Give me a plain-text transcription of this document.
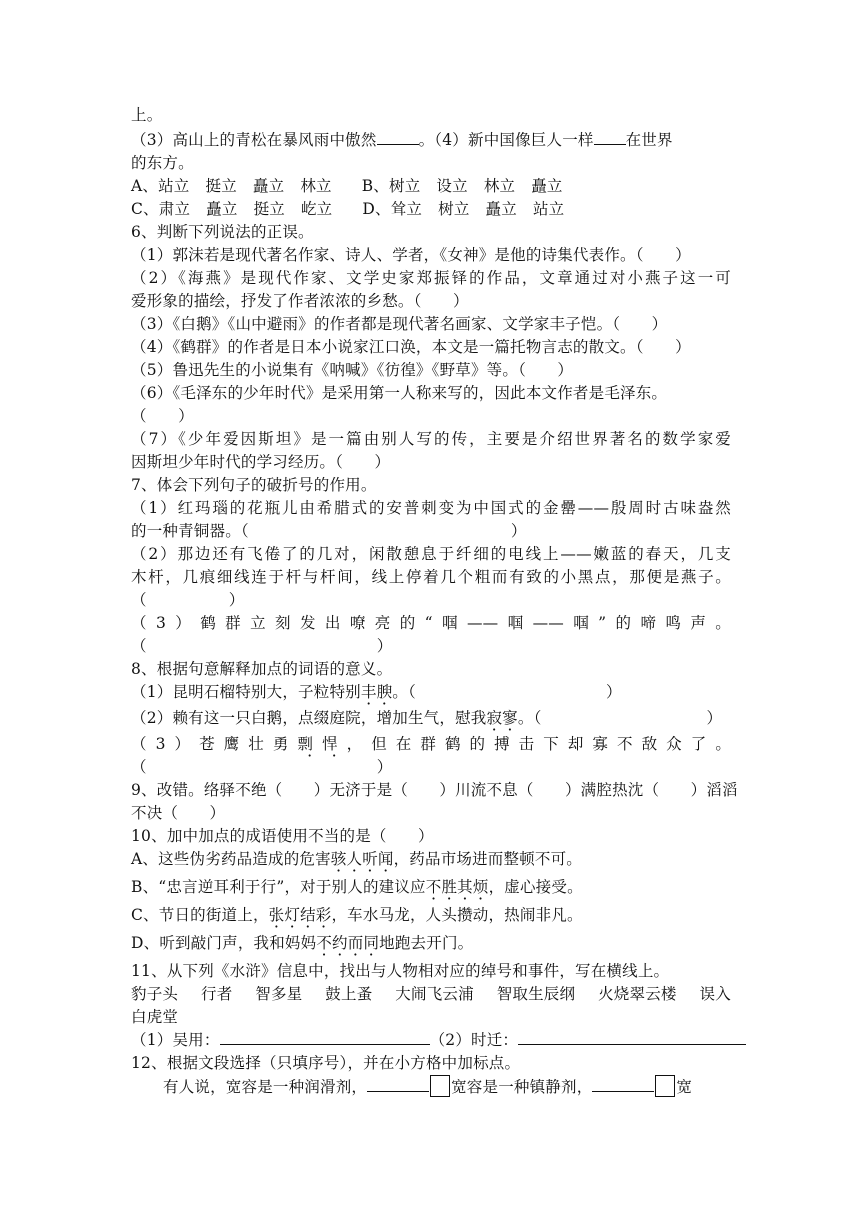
上。
（3）高山上的青松在暴风雨中傲然	。（4）新中国像巨人一样 在世界
的东方。
A、站立 挺立 矗立 林立 B、树立 设立 林立 矗立
C、肃立 矗立 挺立 屹立 D、耸立 树立 矗立 站立
6、判断下列说法的正误。
（1）郭沫若是现代著名作家、诗人、学者，《女神》是他的诗集代表作。（　　）
（2）《海燕》是现代作家、文学史家郑振铎的作品，文章通过对小燕子这一可
爱形象的描绘，抒发了作者浓浓的乡愁。（　　）
（3）《白鹅》《山中避雨》的作者都是现代著名画家、文学家丰子恺。（　　）
（4）《鹤群》的作者是日本小说家江口涣，本文是一篇托物言志的散文。（　　）
（5）鲁迅先生的小说集有《呐喊》《彷徨》《野草》等。（　　）
（6）《毛泽东的少年时代》是采用第一人称来写的，因此本文作者是毛泽东。
（　　）
（7）《少年爱因斯坦》是一篇由别人写的传，主要是介绍世界著名的数学家爱
因斯坦少年时代的学习经历。（　　）
7、体会下列句子的破折号的作用。
（1）红玛瑙的花瓶儿由希腊式的安普刺变为中国式的金罍——殷周时古味盎然
的一种青铜器。（	）
（2）那边还有飞倦了的几对，闲散憩息于纤细的电线上——嫩蓝的春天，几支
木杆，几痕细线连于杆与杆间，线上停着几个粗而有致的小黑点，那便是燕子。
（	）
（3）鹤群立刻发出嘹亮的“啯——啯——啯”的啼鸣声。
（	）
8、根据句意解释加点的词语的意义。
（1）昆明石榴特别大，子粒特别丰腴。（	）
（2）赖有这一只白鹅，点缀庭院，增加生气，慰我寂寥。（	）
（3）苍鹰壮勇剽悍，但在群鹤的搏击下却寡不敌众了。
（	）
9、改错。络驿不绝（　　）无济于是（　　）川流不息（　　）满腔热沈（　　）滔滔
不决（　　）
10、加中加点的成语使用不当的是（　　）
A、这些伪劣药品造成的危害骇人听闻，药品市场进而整顿不可。
B、“忠言逆耳利于行”，对于别人的建议应不胜其烦，虚心接受。
C、节日的街道上，张灯结彩，车水马龙，人头攒动，热闹非凡。
D、听到敲门声，我和妈妈不约而同地跑去开门。
11、从下列《水浒》信息中，找出与人物相对应的绰号和事件，写在横线上。
豹子头 行者 智多星 鼓上蚤 大闹飞云浦 智取生辰纲 火烧翠云楼 误入
白虎堂
（1）吴用：	（2）时迁：
12、根据文段选择（只填序号），并在小方格中加标点。
有人说，宽容是一种润滑剂，	宽容是一种镇静剂，	宽
